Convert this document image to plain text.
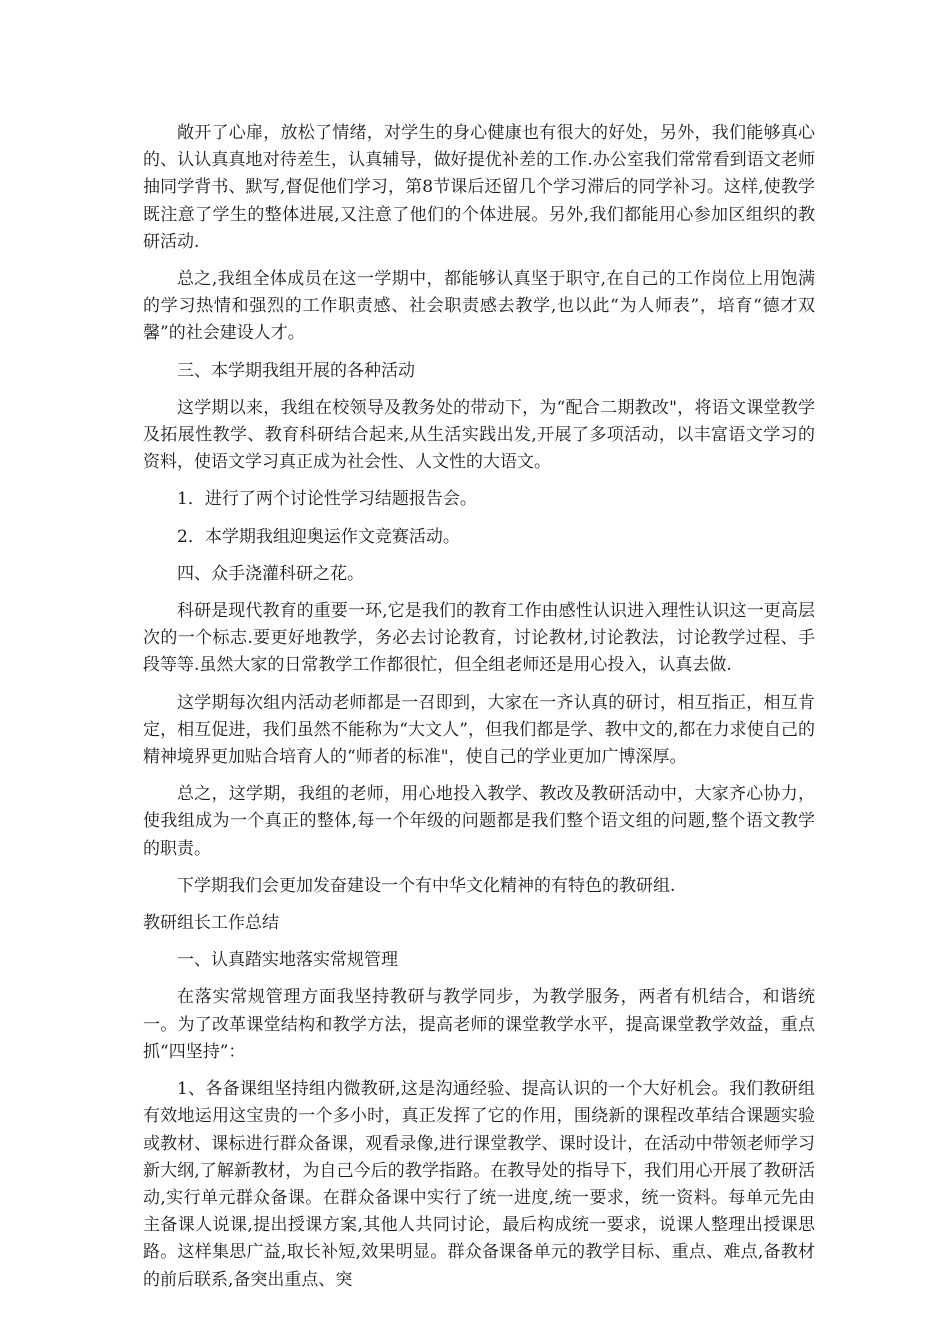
敞开了心扉，放松了情绪，对学生的身心健康也有很大的好处，另外，我们能够真心的、认认真真地对待差生，认真辅导，做好提优补差的工作.办公室我们常常看到语文老师抽同学背书、默写,督促他们学习，第8节课后还留几个学习滞后的同学补习。这样,使教学既注意了学生的整体进展,又注意了他们的个体进展。另外,我们都能用心参加区组织的教研活动.

总之,我组全体成员在这一学期中，都能够认真坚于职守,在自己的工作岗位上用饱满的学习热情和强烈的工作职责感、社会职责感去教学,也以此“为人师表”，培育“德才双馨”的社会建设人才。

三、本学期我组开展的各种活动

这学期以来，我组在校领导及教务处的带动下，为“配合二期教改"，将语文课堂教学及拓展性教学、教育科研结合起来,从生活实践出发,开展了多项活动，以丰富语文学习的资料，使语文学习真正成为社会性、人文性的大语文。

1．进行了两个讨论性学习结题报告会。

2．本学期我组迎奥运作文竞赛活动。

四、众手浇灌科研之花。

科研是现代教育的重要一环,它是我们的教育工作由感性认识进入理性认识这一更高层次的一个标志.要更好地教学，务必去讨论教育，讨论教材,讨论教法，讨论教学过程、手段等等.虽然大家的日常教学工作都很忙，但全组老师还是用心投入，认真去做.

这学期每次组内活动老师都是一召即到，大家在一齐认真的研讨，相互指正，相互肯定，相互促进，我们虽然不能称为“大文人”，但我们都是学、教中文的,都在力求使自己的精神境界更加贴合培育人的“师者的标准"，使自己的学业更加广博深厚。

总之，这学期，我组的老师，用心地投入教学、教改及教研活动中，大家齐心协力，使我组成为一个真正的整体,每一个年级的问题都是我们整个语文组的问题,整个语文教学的职责。

下学期我们会更加发奋建设一个有中华文化精神的有特色的教研组.

教研组长工作总结

一、认真踏实地落实常规管理

在落实常规管理方面我坚持教研与教学同步，为教学服务，两者有机结合，和谐统一。为了改革课堂结构和教学方法，提高老师的课堂教学水平，提高课堂教学效益，重点抓“四坚持”：

1、各备课组坚持组内微教研,这是沟通经验、提高认识的一个大好机会。我们教研组有效地运用这宝贵的一个多小时，真正发挥了它的作用，围绕新的课程改革结合课题实验或教材、课标进行群众备课，观看录像,进行课堂教学、课时设计，在活动中带领老师学习新大纲,了解新教材，为自己今后的教学指路。在教导处的指导下，我们用心开展了教研活动,实行单元群众备课。在群众备课中实行了统一进度,统一要求，统一资料。每单元先由主备课人说课,提出授课方案,其他人共同讨论，最后构成统一要求，说课人整理出授课思路。这样集思广益,取长补短,效果明显。群众备课备单元的教学目标、重点、难点,备教材的前后联系,备突出重点、突
